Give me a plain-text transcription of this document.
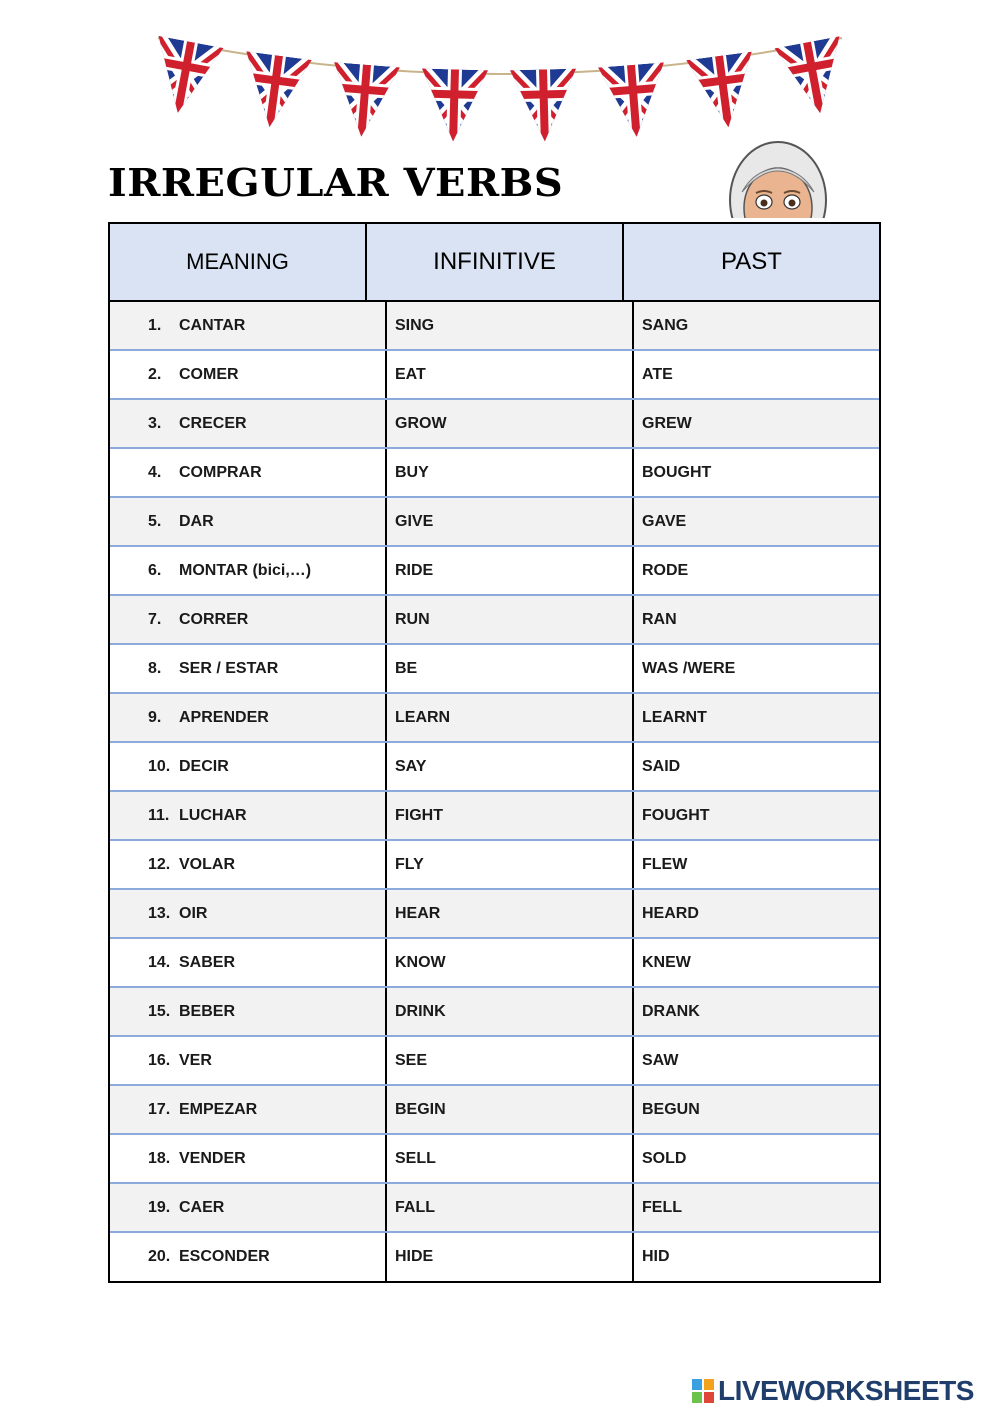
IRREGULAR VERBS
MEANING	INFINITIVE	PAST
1.	CANTAR	SING	SANG
2.	COMER	EAT	ATE
3.	CRECER	GROW	GREW
4.	COMPRAR	BUY	BOUGHT
5.	DAR	GIVE	GAVE
6.	MONTAR (bici,…)	RIDE	RODE
7.	CORRER	RUN	RAN
8.	SER / ESTAR	BE	WAS /WERE
9.	APRENDER	LEARN	LEARNT
10. DECIR	SAY	SAID
11. LUCHAR	FIGHT	FOUGHT
12. VOLAR	FLY	FLEW
13. OIR	HEAR	HEARD
14. SABER	KNOW	KNEW
15. BEBER	DRINK	DRANK
16. VER	SEE	SAW
17. EMPEZAR	BEGIN	BEGUN
18. VENDER	SELL	SOLD
19. CAER	FALL	FELL
20. ESCONDER	HIDE	HID
LIVEWORKSHEETS
